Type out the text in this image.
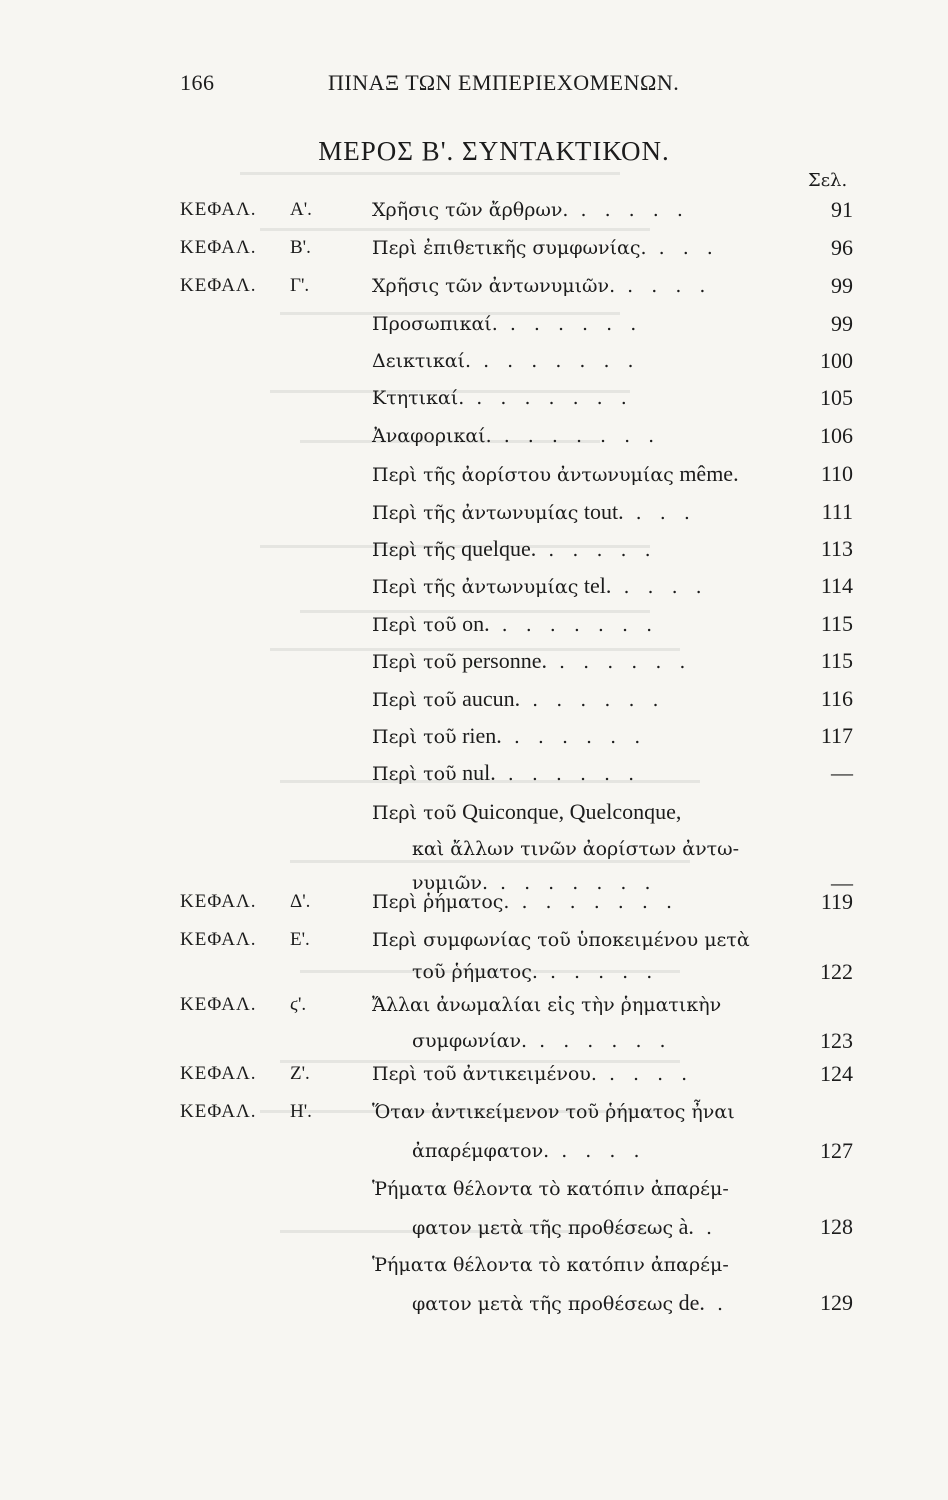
166	ΠΙΝΑΞ ΤΩΝ ΕΜΠΕΡΙΕΧΟΜΕΝΩΝ.
ΜΕΡΟΣ Β'. ΣΥΝΤΑΚΤΙΚΟΝ.
Σελ.
ΚΕΦΑΛ. Α'.	Χρῆσις τῶν ἄρθρων. . . . . .	91
ΚΕΦΑΛ. Β'.	Περὶ ἐπιθετικῆς συμφωνίας. . . .	96
ΚΕΦΑΛ. Γ'.	Χρῆσις τῶν ἀντωνυμιῶν. . . . .	99
Προσωπικαί. . . . . . .	99
Δεικτικαί. . . . . . . .	100
Κτητικαί. . . . . . . .	105
Ἀναφορικαί. . . . . . . .	106
Περὶ τῆς ἀορίστου ἀντωνυμίας même.	110
Περὶ τῆς ἀντωνυμίας tout. . . .	111
Περὶ τῆς quelque. . . . . .	113
Περὶ τῆς ἀντωνυμίας tel. . . . .	114
Περὶ τοῦ on. . . . . . . .	115
Περὶ τοῦ personne. . . . . . .	115
Περὶ τοῦ aucun. . . . . . .	116
Περὶ τοῦ rien. . . . . . .	117
Περὶ τοῦ nul. . . . . . .	—
Περὶ τοῦ Quiconque, Quelconque,
καὶ ἄλλων τινῶν ἀορίστων ἀντω-
νυμιῶν. . . . . . . .	—
ΚΕΦΑΛ. Δ'.	Περὶ ῥήματος. . . . . . . .	119
ΚΕΦΑΛ. Ε'.	Περὶ συμφωνίας τοῦ ὑποκειμένου μετὰ
τοῦ ῥήματος. . . . . .	122
ΚΕΦΑΛ. ϛ'.	Ἄλλαι ἀνωμαλίαι εἰς τὴν ῥηματικὴν
συμφωνίαν. . . . . . .	123
ΚΕΦΑΛ. Ζ'.	Περὶ τοῦ ἀντικειμένου. . . . .	124
ΚΕΦΑΛ. Η'.	Ὅταν ἀντικείμενον τοῦ ῥήματος ἦναι
ἀπαρέμφατον. . . . .	127
Ῥήματα θέλοντα τὸ κατόπιν ἀπαρέμ-
φατον μετὰ τῆς προθέσεως à. .	128
Ῥήματα θέλοντα τὸ κατόπιν ἀπαρέμ-
φατον μετὰ τῆς προθέσεως de. .	129
